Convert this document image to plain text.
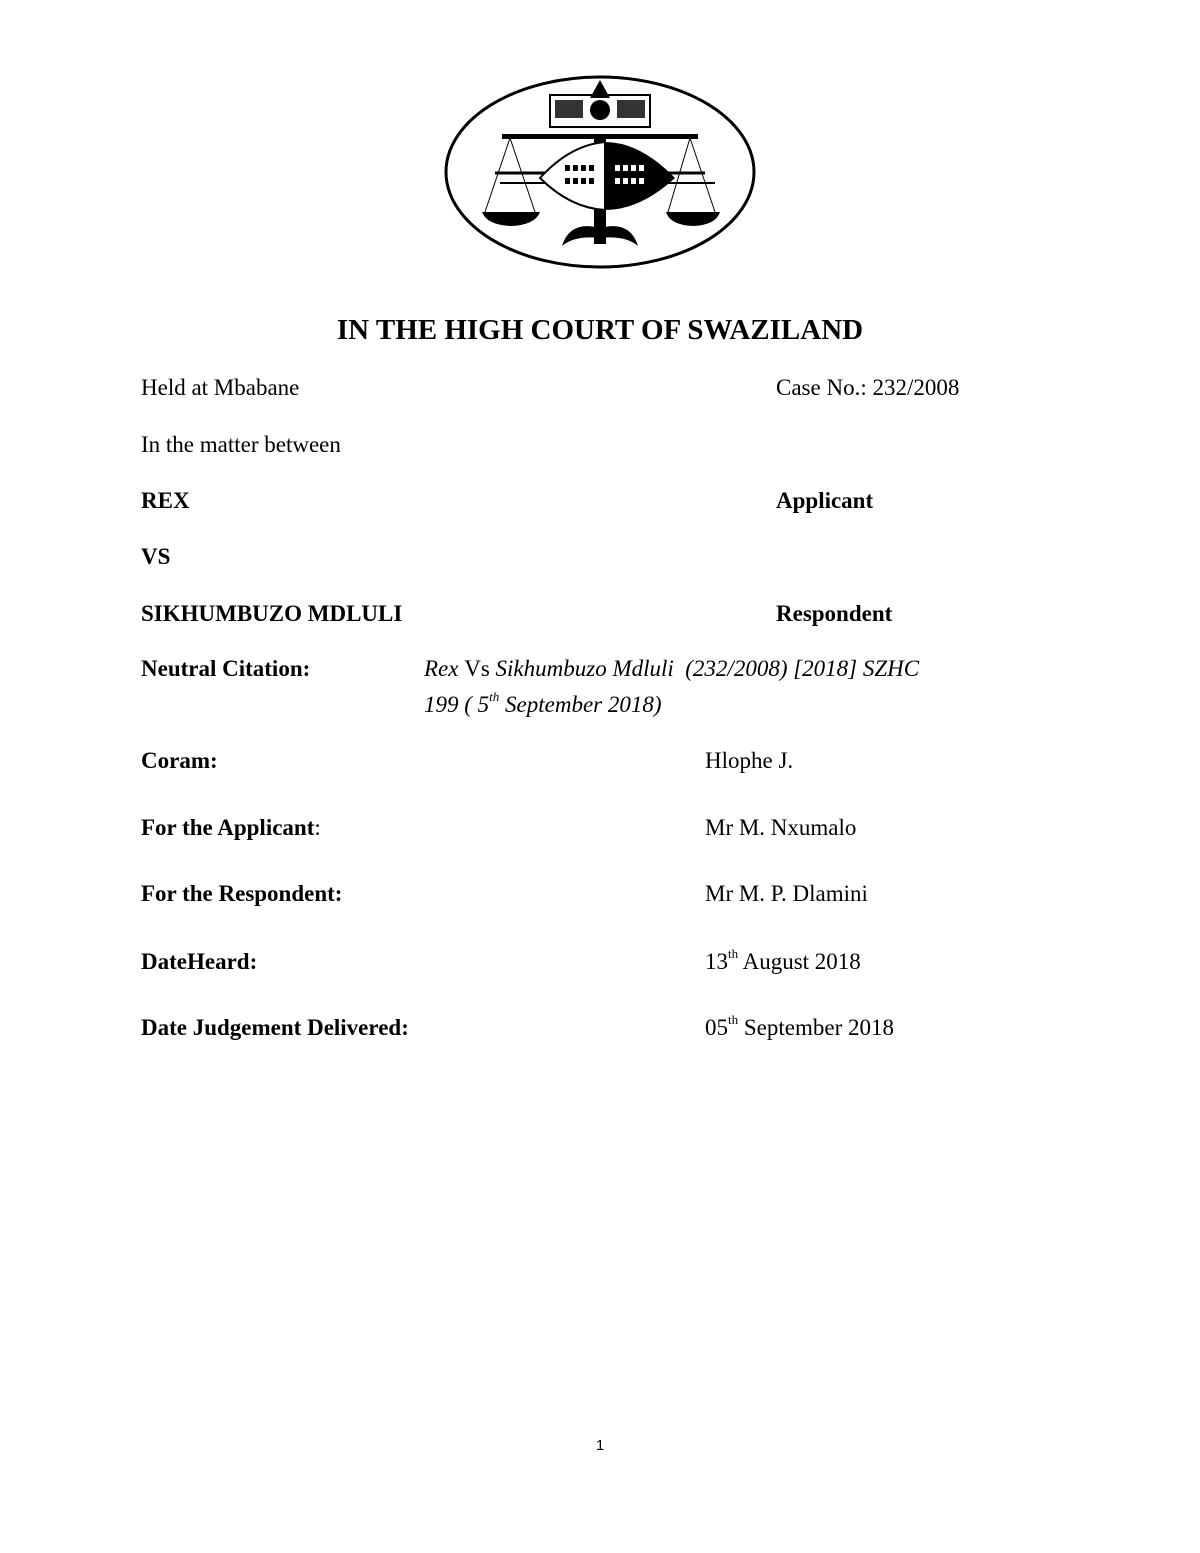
IN THE HIGH COURT OF SWAZILAND
Held at Mbabane	Case No.: 232/2008
In the matter between
REX	Applicant
VS
SIKHUMBUZO MDLULI	Respondent
Neutral Citation:	Rex Vs Sikhumbuzo Mdluli  (232/2008) [2018] SZHC
199 ( 5th September 2018)
Coram:	Hlophe J.
For the Applicant:	Mr M. Nxumalo
For the Respondent:	Mr M. P. Dlamini
DateHeard:	13th August 2018
Date Judgement Delivered:	05th September 2018
1
